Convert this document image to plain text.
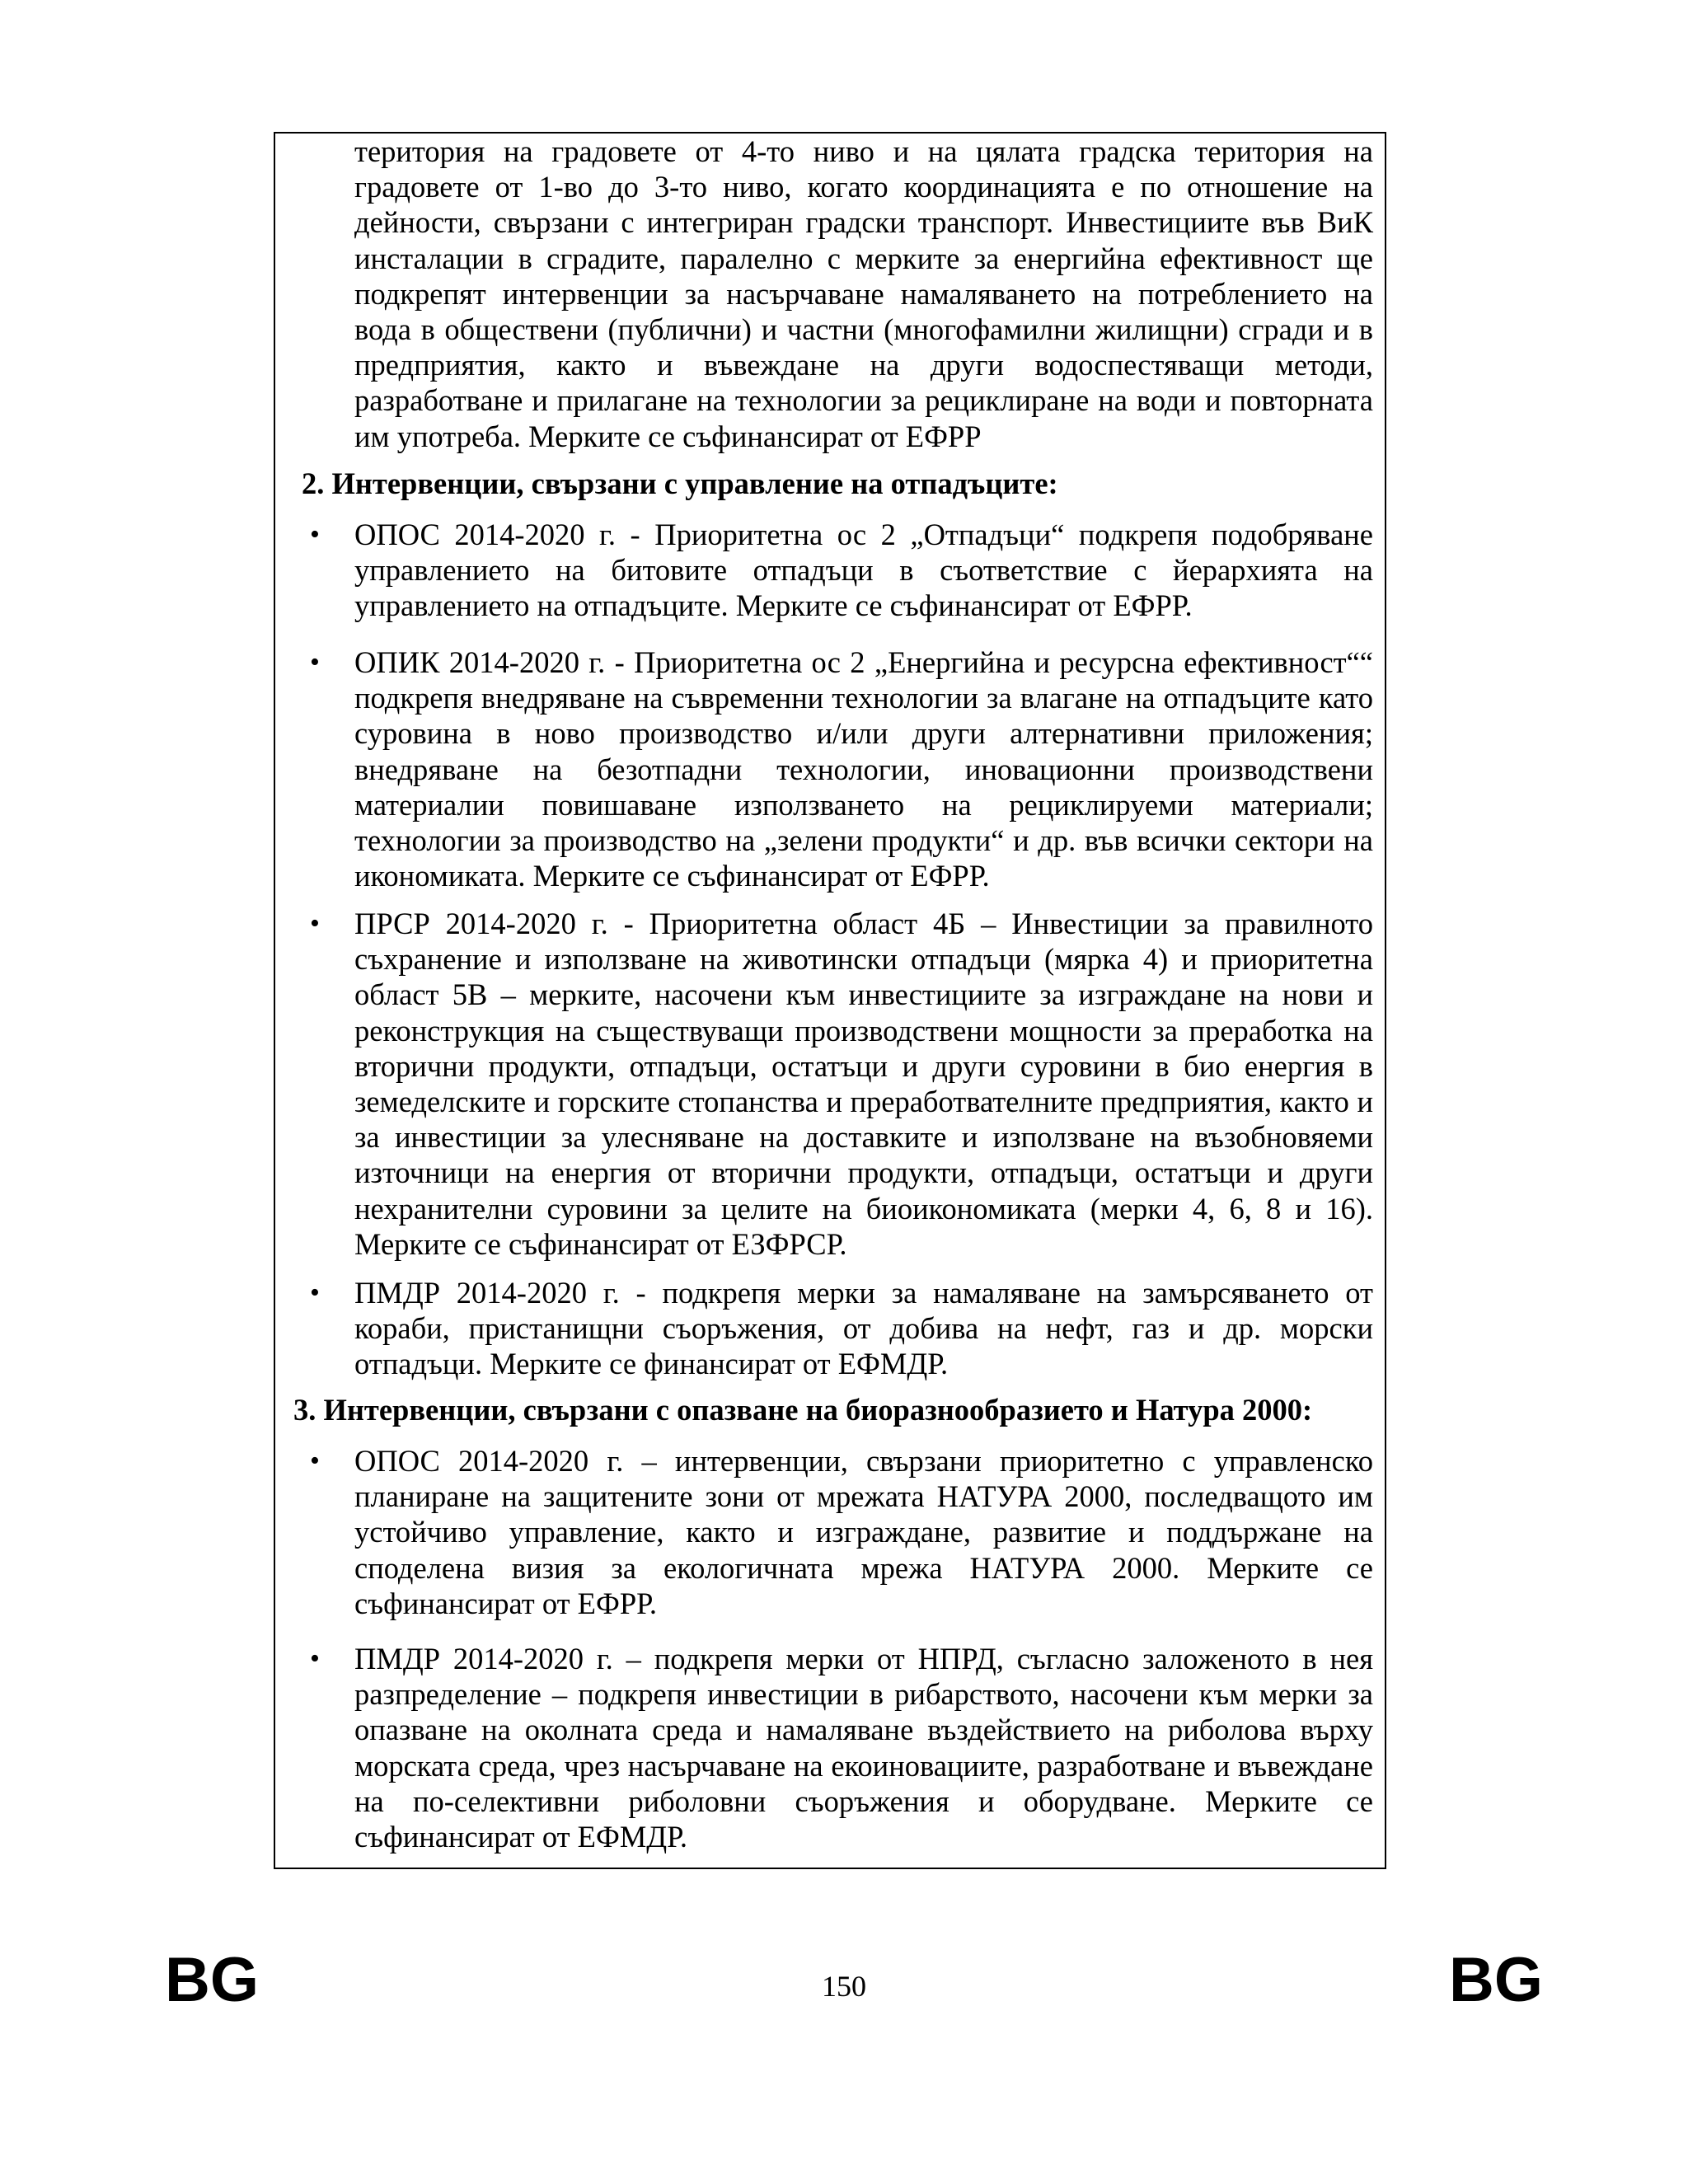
територия на градовете от 4-то ниво и на цялата градска територия на градовете от 1-во до 3-то ниво, когато координацията е по отношение на дейности, свързани с интегриран градски транспорт. Инвестициите във ВиК инсталации в сградите, паралелно с мерките за енергийна ефективност ще подкрепят интервенции за насърчаване намаляването на потреблението на вода в обществени (публични) и частни (многофамилни жилищни) сгради и в предприятия, както и въвеждане на други водоспестяващи методи, разработване и прилагане на технологии за рециклиране на води и повторната им употреба. Мерките се съфинансират от ЕФРР

2. Интервенции, свързани с управление на отпадъците:

• ОПОС 2014-2020 г. - Приоритетна ос 2 „Отпадъци“ подкрепя подобряване управлението на битовите отпадъци в съответствие с йерархията на управлението на отпадъците. Мерките се съфинансират от ЕФРР.

• ОПИК 2014-2020 г. - Приоритетна ос 2 „Енергийна и ресурсна ефективност““ подкрепя внедряване на съвременни технологии за влагане на отпадъците като суровина в ново производство и/или други алтернативни приложения; внедряване на безотпадни технологии, иновационни производствени материалии повишаване използването на рециклируеми материали; технологии за производство на „зелени продукти“ и др. във всички сектори на икономиката. Мерките се съфинансират от ЕФРР.

• ПРСР 2014-2020 г. - Приоритетна област 4Б – Инвестиции за правилното съхранение и използване на животински отпадъци (мярка 4) и приоритетна област 5В – мерките, насочени към инвестициите за изграждане на нови и реконструкция на съществуващи производствени мощности за преработка на вторични продукти, отпадъци, остатъци и други суровини в био енергия в земеделските и горските стопанства и преработвателните предприятия, както и за инвестиции за улесняване на доставките и използване на възобновяеми източници на енергия от вторични продукти, отпадъци, остатъци и други нехранителни суровини за целите на биоикономиката (мерки 4, 6, 8 и 16). Мерките се съфинансират от ЕЗФРСР.

• ПМДР 2014-2020 г. - подкрепя мерки за намаляване на замърсяването от кораби, пристанищни съоръжения, от добива на нефт, газ и др. морски отпадъци. Мерките се финансират от ЕФМДР.

3. Интервенции, свързани с опазване на биоразнообразието и Натура 2000:

• ОПОС 2014-2020 г. – интервенции, свързани приоритетно с управленско планиране на защитените зони от мрежата НАТУРА 2000, последващото им устойчиво управление, както и изграждане, развитие и поддържане на споделена визия за екологичната мрежа НАТУРА 2000. Мерките се съфинансират от ЕФРР.

• ПМДР 2014-2020 г. – подкрепя мерки от НПРД, съгласно заложеното в нея разпределение – подкрепя инвестиции в рибарството, насочени към мерки за опазване на околната среда и намаляване въздействието на риболова върху морската среда, чрез насърчаване на екоиновациите, разработване и въвеждане на по-селективни риболовни съоръжения и оборудване. Мерките се съфинансират от ЕФМДР.

BG	150	BG
